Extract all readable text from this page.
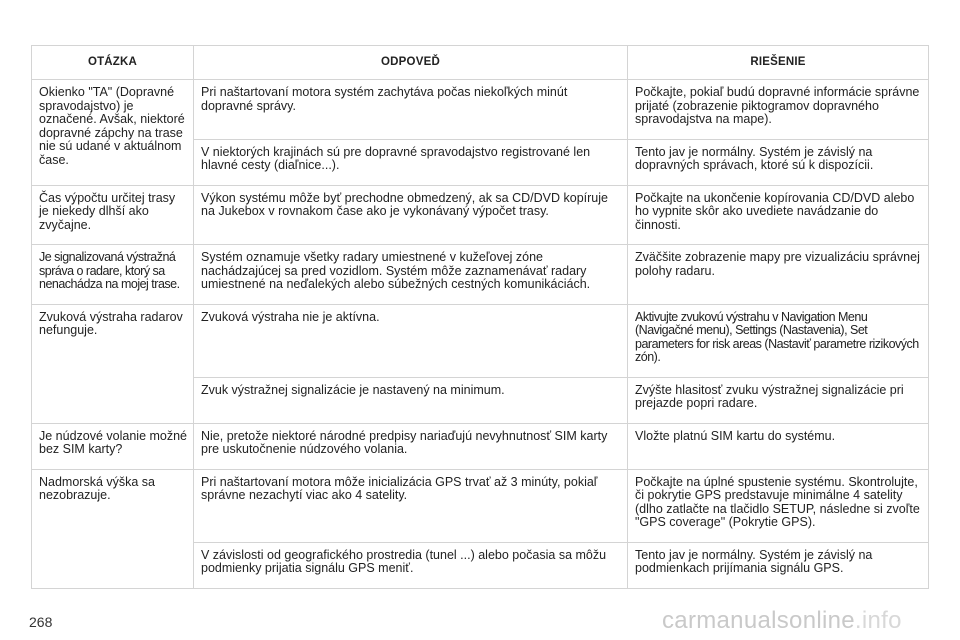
OTÁZKA	ODPOVEĎ	RIEŠENIE
Okienko "TA" (Dopravné spravodajstvo) je označené. Avšak, niektoré dopravné zápchy na trase nie sú udané v aktuálnom čase.	Pri naštartovaní motora systém zachytáva počas niekoľkých minút dopravné správy.	Počkajte, pokiaľ budú dopravné informácie správne prijaté (zobrazenie piktogramov dopravného spravodajstva na mape).
	V niektorých krajinách sú pre dopravné spravodajstvo registrované len hlavné cesty (diaľnice...).	Tento jav je normálny. Systém je závislý na dopravných správach, ktoré sú k dispozícii.
Čas výpočtu určitej trasy je niekedy dlhší ako zvyčajne.	Výkon systému môže byť prechodne obmedzený, ak sa CD/DVD kopíruje na Jukebox v rovnakom čase ako je vykonávaný výpočet trasy.	Počkajte na ukončenie kopírovania CD/DVD alebo ho vypnite skôr ako uvediete navádzanie do činnosti.
Je signalizovaná výstražná správa o radare, ktorý sa nenachádza na mojej trase.	Systém oznamuje všetky radary umiestnené v kužeľovej zóne nachádzajúcej sa pred vozidlom. Systém môže zaznamenávať radary umiestnené na neďalekých alebo súbežných cestných komunikáciách.	Zväčšite zobrazenie mapy pre vizualizáciu správnej polohy radaru.
Zvuková výstraha radarov nefunguje.	Zvuková výstraha nie je aktívna.	Aktivujte zvukovú výstrahu v Navigation Menu (Navigačné menu), Settings (Nastavenia), Set parameters for risk areas (Nastaviť parametre rizikových zón).
	Zvuk výstražnej signalizácie je nastavený na minimum.	Zvýšte hlasitosť zvuku výstražnej signalizácie pri prejazde popri radare.
Je núdzové volanie možné bez SIM karty?	Nie, pretože niektoré národné predpisy nariaďujú nevyhnutnosť SIM karty pre uskutočnenie núdzového volania.	Vložte platnú SIM kartu do systému.
Nadmorská výška sa nezobrazuje.	Pri naštartovaní motora môže inicializácia GPS trvať až 3 minúty, pokiaľ správne nezachytí viac ako 4 satelity.	Počkajte na úplné spustenie systému. Skontrolujte, či pokrytie GPS predstavuje minimálne 4 satelity (dlho zatlačte na tlačidlo SETUP, následne si zvoľte "GPS coverage" (Pokrytie GPS).
	V závislosti od geografického prostredia (tunel ...) alebo počasia sa môžu podmienky prijatia signálu GPS meniť.	Tento jav je normálny. Systém je závislý na podmienkach prijímania signálu GPS.
268	carmanualsonline.info
